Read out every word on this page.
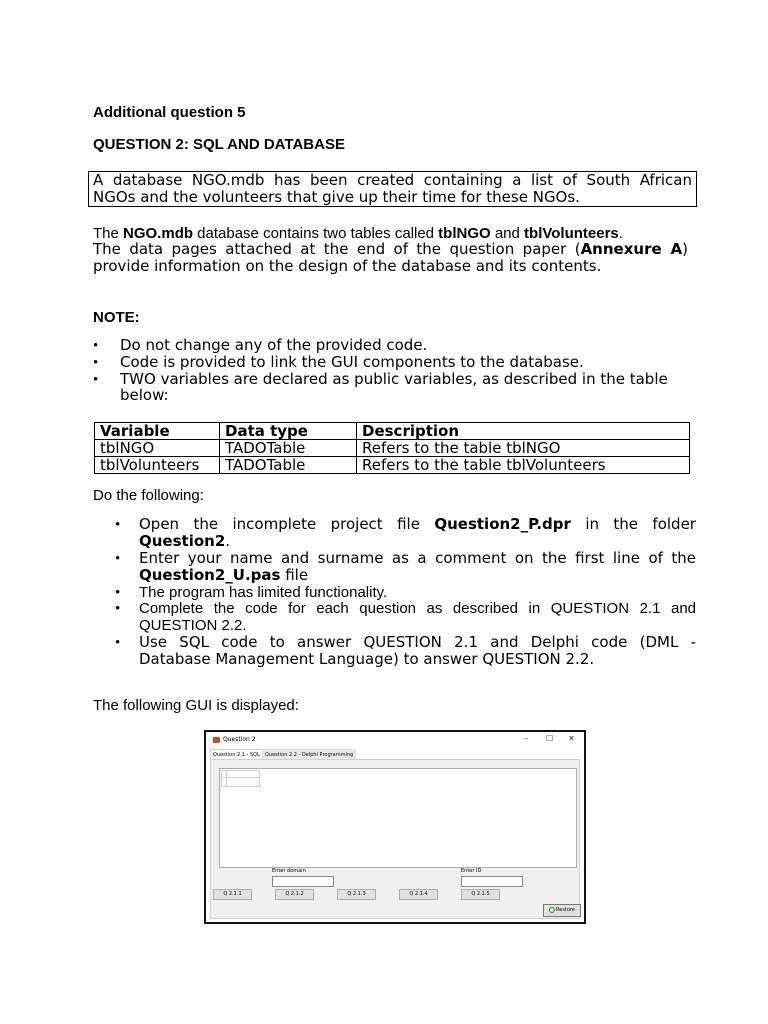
Additional question 5
QUESTION 2: SQL AND DATABASE
A database NGO.mdb has been created containing a list of South African
NGOs and the volunteers that give up their time for these NGOs.
The NGO.mdb database contains two tables called tblNGO and tblVolunteers.
The data pages attached at the end of the question paper (Annexure A)
provide information on the design of the database and its contents.
NOTE:
• Do not change any of the provided code.
• Code is provided to link the GUI components to the database.
• TWO variables are declared as public variables, as described in the table
below:
Variable	Data type	Description
tblNGO	TADOTable	Refers to the table tblNGO
tblVolunteers	TADOTable	Refers to the table tblVolunteers
Do the following:
• Open the incomplete project file Question2_P.dpr in the folder
Question2.
• Enter your name and surname as a comment on the first line of the
Question2_U.pas file
• The program has limited functionality.
• Complete the code for each question as described in QUESTION 2.1 and
QUESTION 2.2.
• Use SQL code to answer QUESTION 2.1 and Delphi code (DML -
Database Management Language) to answer QUESTION 2.2.
The following GUI is displayed:
Question 2	– ☐ ✕
Question 2.1 - SQL	Question 2.2 - Delphi Programming
Enter domain	Enter ID
Q 2.1.1	Q 2.1.2	Q 2.1.3	Q 2.1.4	Q 2.1.5
Restore
